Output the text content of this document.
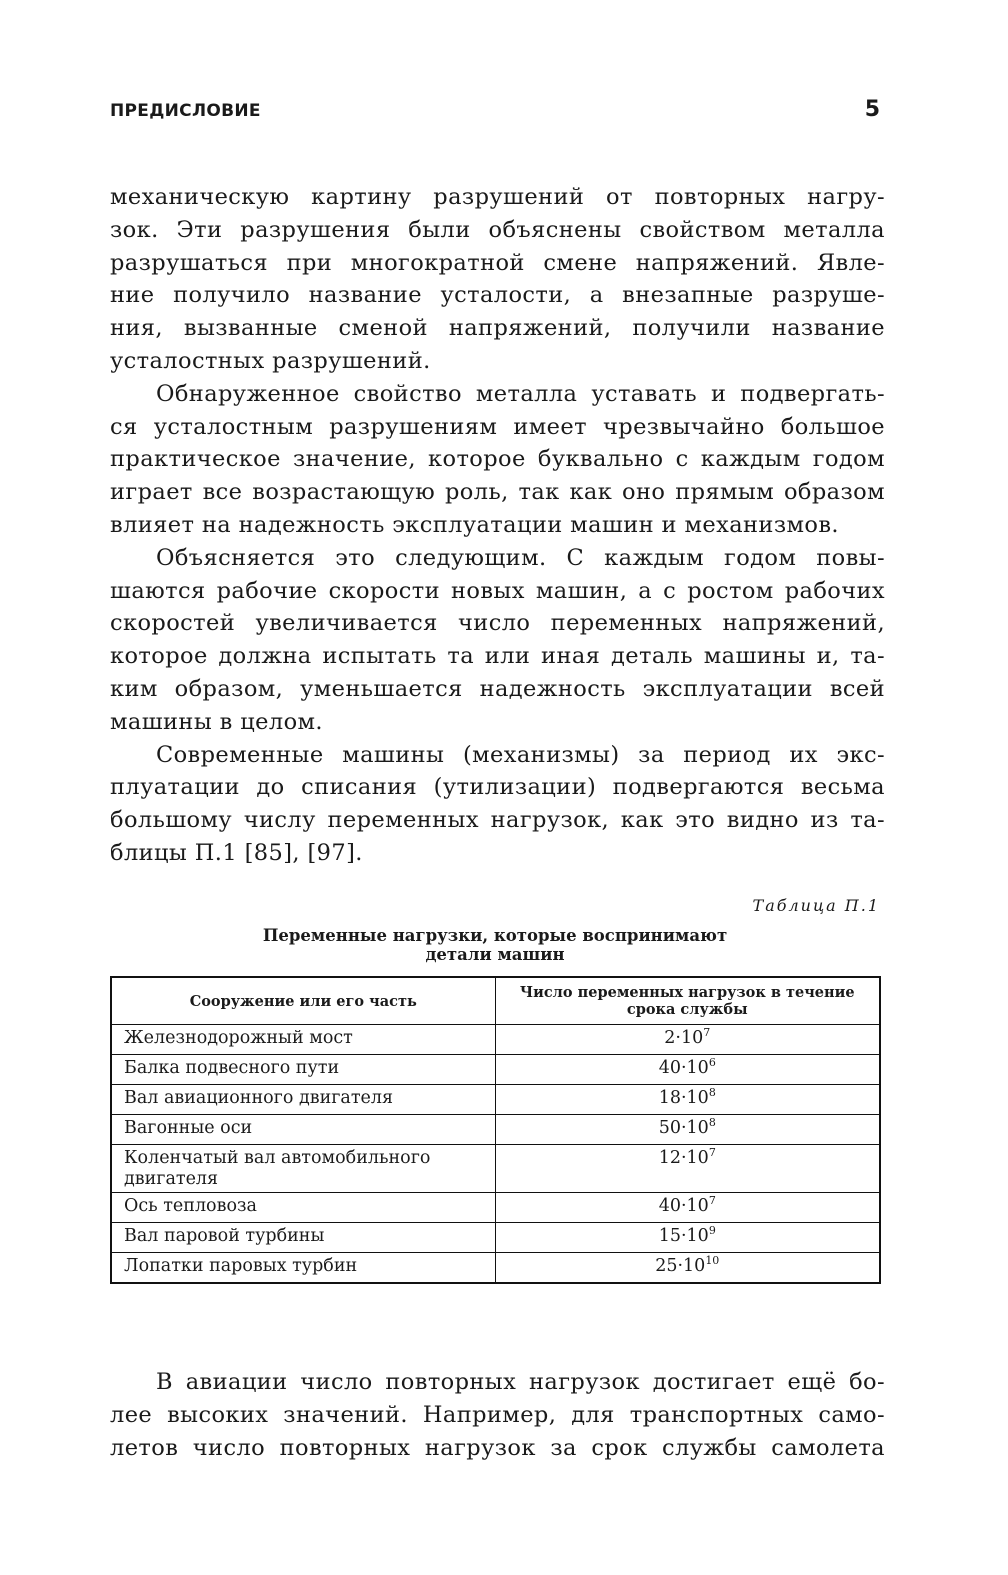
ПРЕДИСЛОВИЕ	5

механическую картину разрушений от повторных нагру-
зок. Эти разрушения были объяснены свойством металла
разрушаться при многократной смене напряжений. Явле-
ние получило название усталости, а внезапные разруше-
ния, вызванные сменой напряжений, получили название
усталостных разрушений.

Обнаруженное свойство металла уставать и подвергать-
ся усталостным разрушениям имеет чрезвычайно большое
практическое значение, которое буквально с каждым годом
играет все возрастающую роль, так как оно прямым образом
влияет на надежность эксплуатации машин и механизмов.

Объясняется это следующим. С каждым годом повы-
шаются рабочие скорости новых машин, а с ростом рабочих
скоростей увеличивается число переменных напряжений,
которое должна испытать та или иная деталь машины и, та-
ким образом, уменьшается надежность эксплуатации всей
машины в целом.

Современные машины (механизмы) за период их экс-
плуатации до списания (утилизации) подвергаются весьма
большому числу переменных нагрузок, как это видно из та-
блицы П.1 [85], [97].

Таблица П.1
Переменные нагрузки, которые воспринимают
детали машин
Сооружение или его часть	Число переменных нагрузок в течение срока службы
Железнодорожный мост	$2\cdot 10^7$
Балка подвесного пути	$40\cdot 10^6$
Вал авиационного двигателя	$18\cdot 10^8$
Вагонные оси	$50\cdot 10^8$
Коленчатый вал автомобильного двигателя	$12\cdot 10^7$
Ось тепловоза	$40\cdot 10^7$
Вал паровой турбины	$15\cdot 10^9$
Лопатки паровых турбин	$25\cdot 10^{10}$

В авиации число повторных нагрузок достигает ещё бо-
лее высоких значений. Например, для транспортных само-
летов число повторных нагрузок за срок службы самолета
